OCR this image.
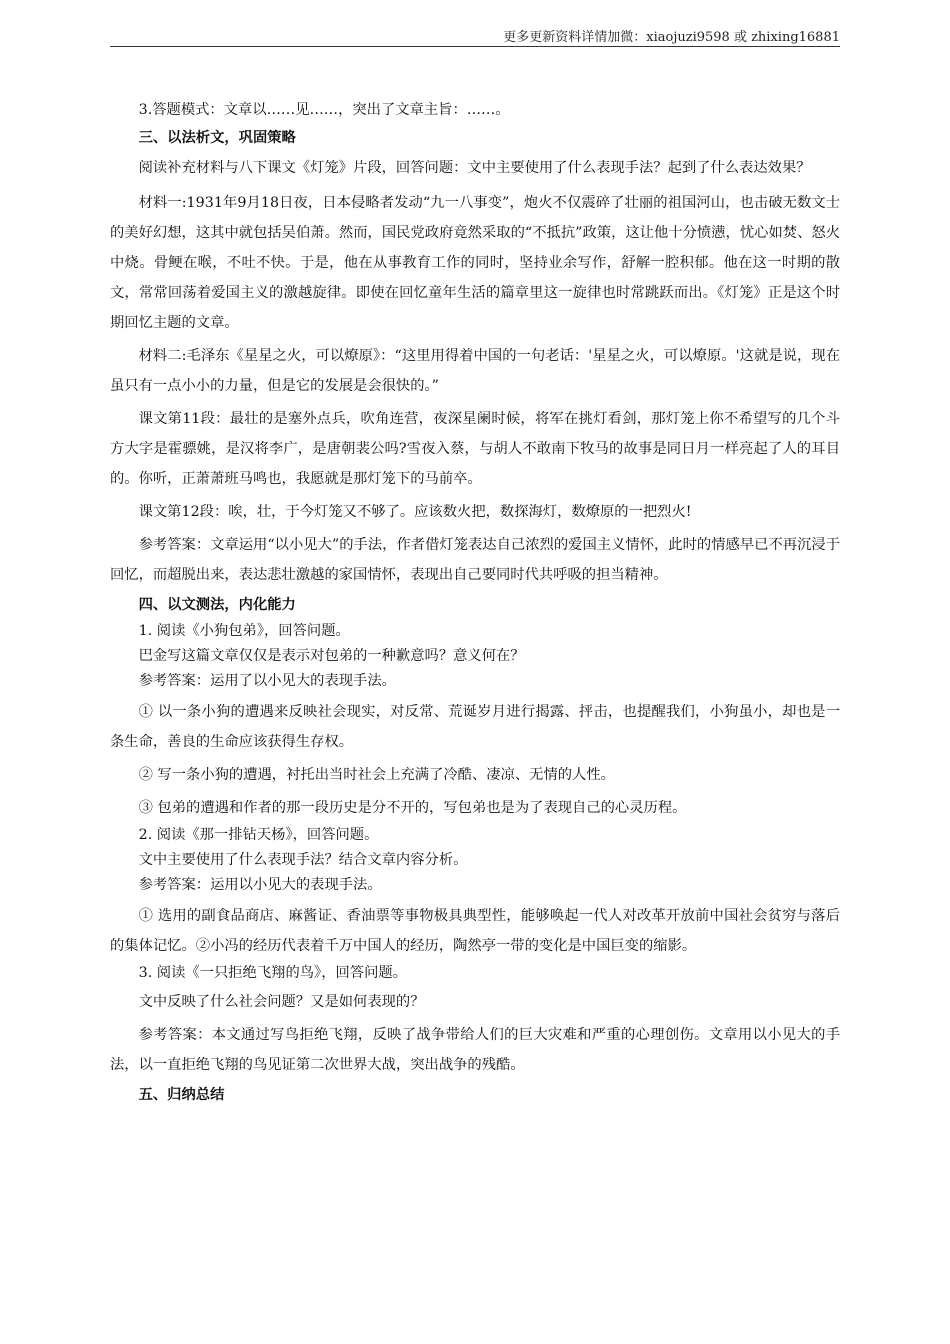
更多更新资料详情加微：xiaojuzi9598 或 zhixing16881

3.答题模式：文章以……见……，突出了文章主旨：……。

三、以法析文，巩固策略

阅读补充材料与八下课文《灯笼》片段，回答问题：文中主要使用了什么表现手法？起到了什么表达效果？

材料一:1931年9月18日夜，日本侵略者发动“九一八事变”，炮火不仅震碎了壮丽的祖国河山，也击破无数文士的美好幻想，这其中就包括吴伯萧。然而，国民党政府竟然采取的“不抵抗”政策，这让他十分愤懑，忧心如焚、怒火中烧。骨鲠在喉，不吐不快。于是，他在从事教育工作的同时，坚持业余写作，舒解一腔积郁。他在这一时期的散文，常常回荡着爱国主义的激越旋律。即使在回忆童年生活的篇章里这一旋律也时常跳跃而出。《灯笼》正是这个时期回忆主题的文章。

材料二:毛泽东《星星之火，可以燎原》：“这里用得着中国的一句老话：'星星之火，可以燎原。'这就是说，现在虽只有一点小小的力量，但是它的发展是会很快的。”

课文第11段：最壮的是塞外点兵，吹角连营，夜深星阑时候，将军在挑灯看剑，那灯笼上你不希望写的几个斗方大字是霍骠姚，是汉将李广，是唐朝裴公吗?雪夜入蔡，与胡人不敢南下牧马的故事是同日月一样亮起了人的耳目的。你听，正萧萧班马鸣也，我愿就是那灯笼下的马前卒。

课文第12段：唉，壮，于今灯笼又不够了。应该数火把，数探海灯，数燎原的一把烈火!

参考答案：文章运用“以小见大”的手法，作者借灯笼表达自己浓烈的爱国主义情怀，此时的情感早已不再沉浸于回忆，而超脱出来，表达悲壮激越的家国情怀，表现出自己要同时代共呼吸的担当精神。

四、以文测法，内化能力

1. 阅读《小狗包弟》，回答问题。

巴金写这篇文章仅仅是表示对包弟的一种歉意吗？意义何在？

参考答案：运用了以小见大的表现手法。

① 以一条小狗的遭遇来反映社会现实，对反常、荒诞岁月进行揭露、抨击，也提醒我们，小狗虽小，却也是一条生命，善良的生命应该获得生存权。

② 写一条小狗的遭遇，衬托出当时社会上充满了冷酷、凄凉、无情的人性。

③ 包弟的遭遇和作者的那一段历史是分不开的，写包弟也是为了表现自己的心灵历程。

2. 阅读《那一排钻天杨》，回答问题。

文中主要使用了什么表现手法？结合文章内容分析。

参考答案：运用以小见大的表现手法。

① 选用的副食品商店、麻酱证、香油票等事物极具典型性，能够唤起一代人对改革开放前中国社会贫穷与落后的集体记忆。②小冯的经历代表着千万中国人的经历，陶然亭一带的变化是中国巨变的缩影。

3. 阅读《一只拒绝飞翔的鸟》，回答问题。

文中反映了什么社会问题？又是如何表现的？

参考答案：本文通过写鸟拒绝飞翔，反映了战争带给人们的巨大灾难和严重的心理创伤。文章用以小见大的手法，以一直拒绝飞翔的鸟见证第二次世界大战，突出战争的残酷。

五、归纳总结
